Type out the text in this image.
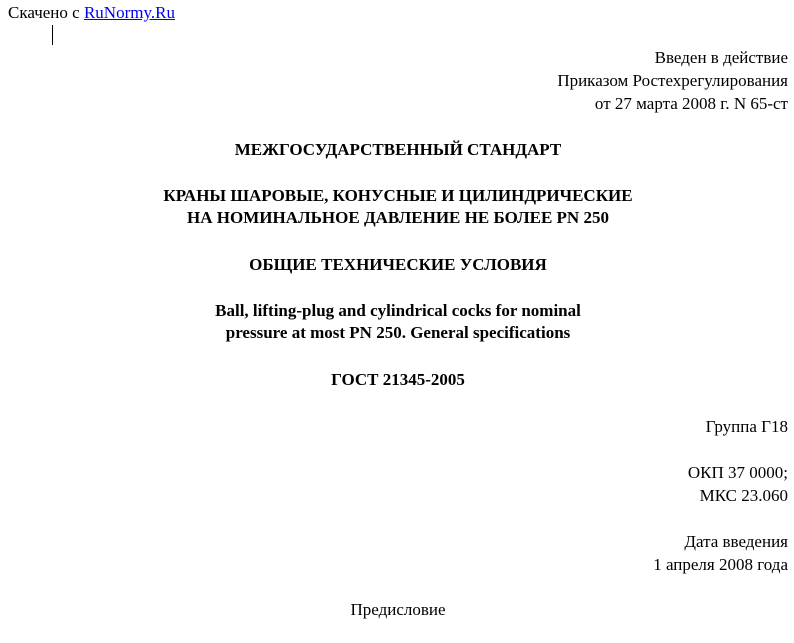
Скачено с RuNormy.Ru
Введен в действие
Приказом Ростехрегулирования
от 27 марта 2008 г. N 65-ст
МЕЖГОСУДАРСТВЕННЫЙ СТАНДАРТ
КРАНЫ ШАРОВЫЕ, КОНУСНЫЕ И ЦИЛИНДРИЧЕСКИЕ
НА НОМИНАЛЬНОЕ ДАВЛЕНИЕ НЕ БОЛЕЕ PN 250
ОБЩИЕ ТЕХНИЧЕСКИЕ УСЛОВИЯ
Ball, lifting-plug and cylindrical cocks for nominal
pressure at most PN 250. General specifications
ГОСТ 21345-2005
Группа Г18
ОКП 37 0000;
МКС 23.060
Дата введения
1 апреля 2008 года
Предисловие
